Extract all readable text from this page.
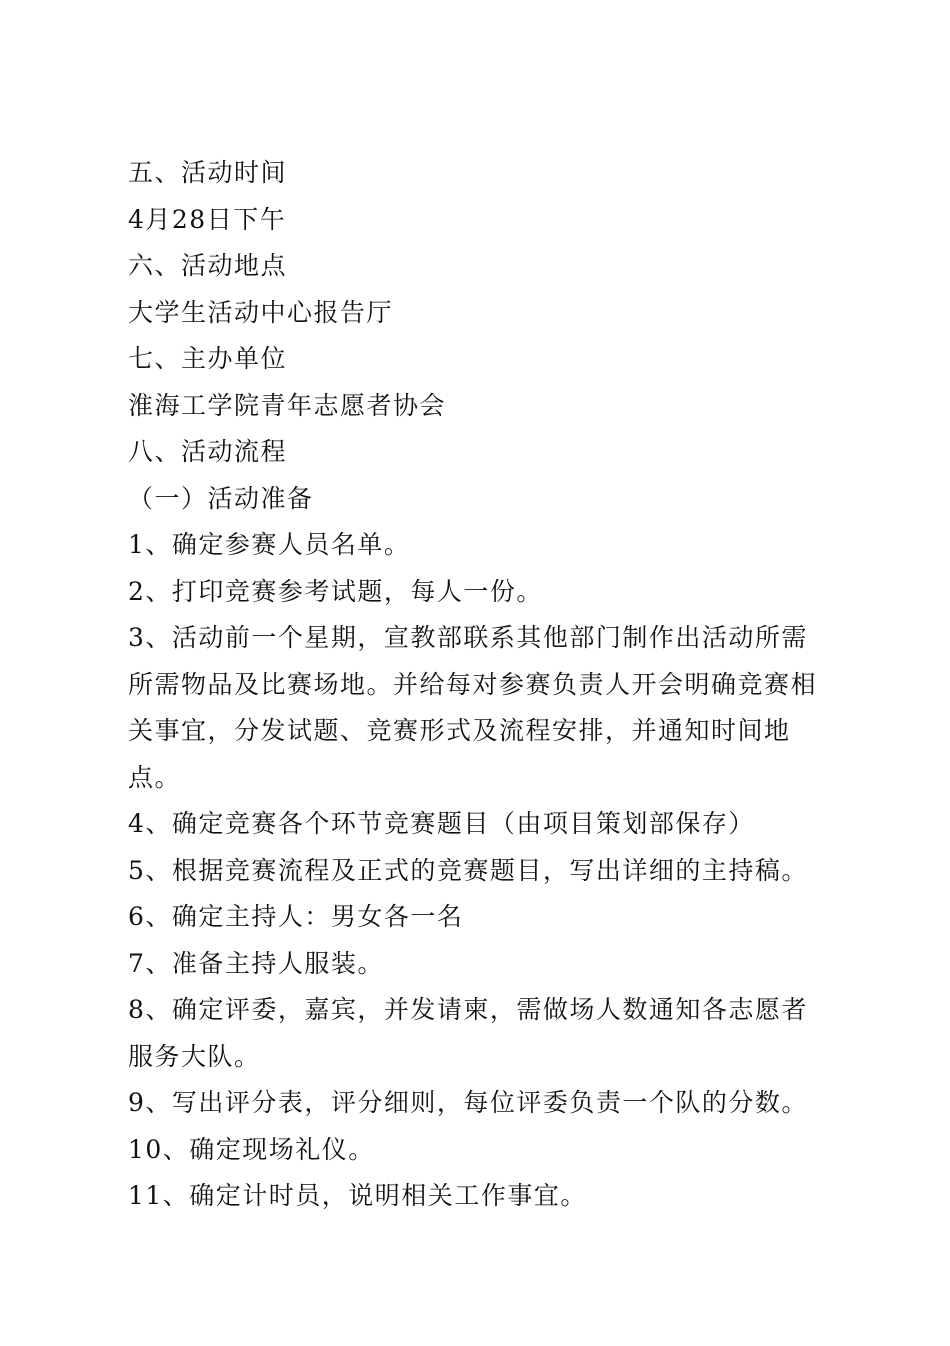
五、活动时间
4月28日下午
六、活动地点
大学生活动中心报告厅
七、主办单位
淮海工学院青年志愿者协会
八、活动流程
（一）活动准备
1、确定参赛人员名单。
2、打印竞赛参考试题，每人一份。
3、活动前一个星期，宣教部联系其他部门制作出活动所需所需物品及比赛场地。并给每对参赛负责人开会明确竞赛相关事宜，分发试题、竞赛形式及流程安排，并通知时间地点。
4、确定竞赛各个环节竞赛题目（由项目策划部保存）
5、根据竞赛流程及正式的竞赛题目，写出详细的主持稿。
6、确定主持人：男女各一名
7、准备主持人服装。
8、确定评委，嘉宾，并发请柬，需做场人数通知各志愿者服务大队。
9、写出评分表，评分细则，每位评委负责一个队的分数。
10、确定现场礼仪。
11、确定计时员，说明相关工作事宜。
